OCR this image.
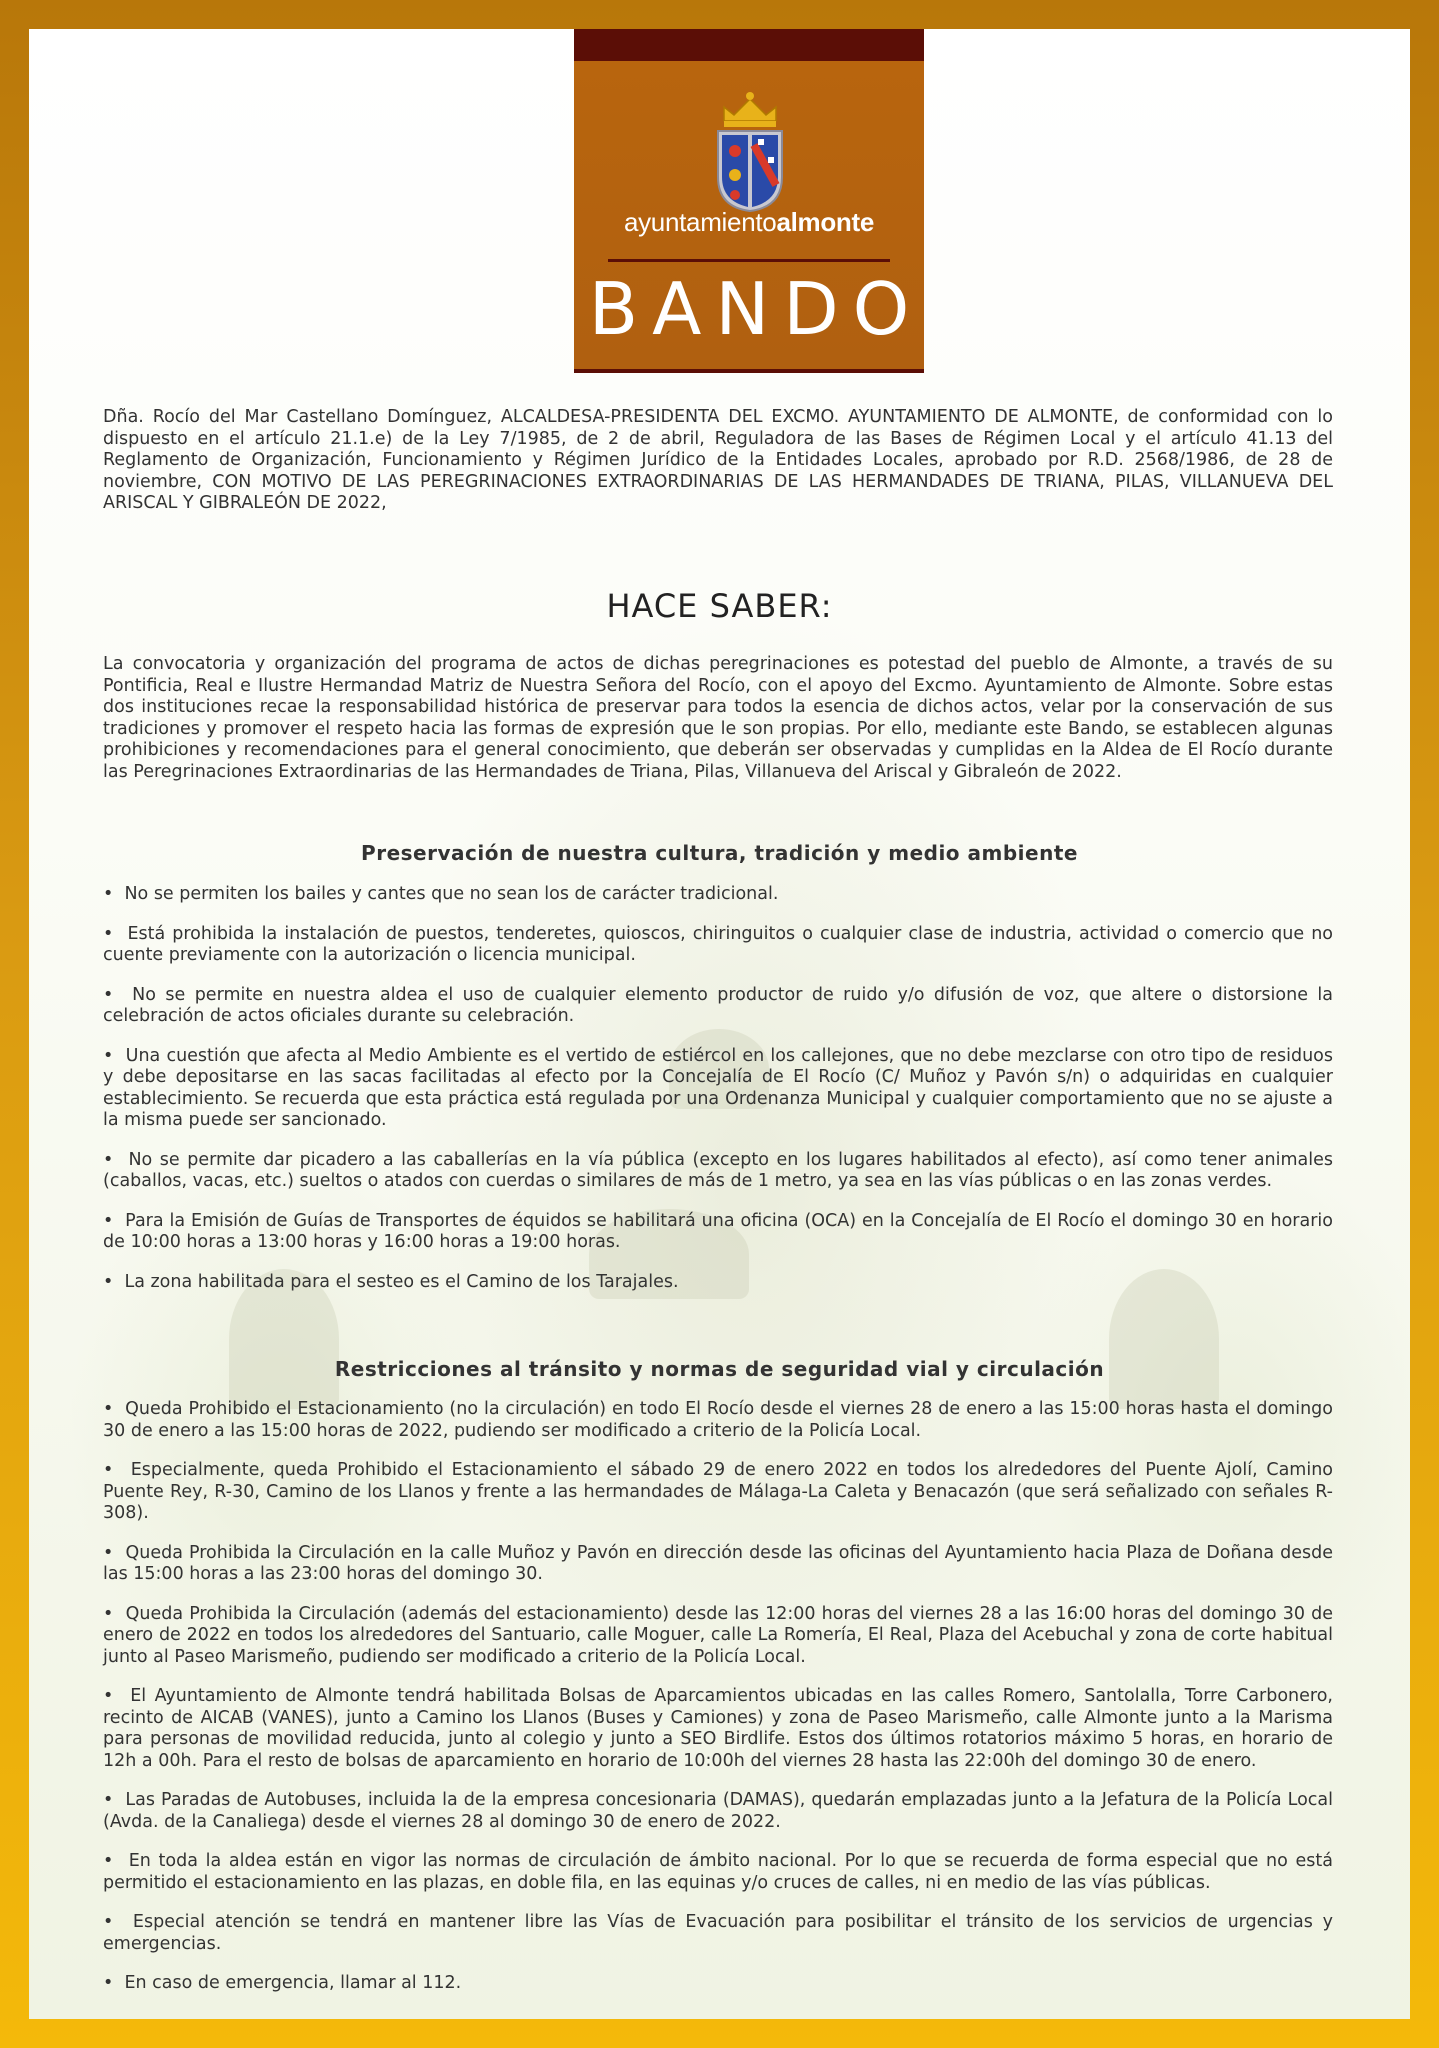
ayuntamientoalmonte
BANDO
Dña. Rocío del Mar Castellano Domínguez, ALCALDESA-PRESIDENTA DEL EXCMO. AYUNTAMIENTO DE ALMONTE, de conformidad con lo dispuesto en el artículo 21.1.e) de la Ley 7/1985, de 2 de abril, Reguladora de las Bases de Régimen Local y el artículo 41.13 del Reglamento de Organización, Funcionamiento y Régimen Jurídico de la Entidades Locales, aprobado por R.D. 2568/1986, de 28 de noviembre, CON MOTIVO DE LAS PEREGRINACIONES EXTRAORDINARIAS DE LAS HERMANDADES DE TRIANA, PILAS, VILLANUEVA DEL ARISCAL Y GIBRALEÓN DE 2022,
HACE SABER:
La convocatoria y organización del programa de actos de dichas peregrinaciones es potestad del pueblo de Almonte, a través de su Pontificia, Real e Ilustre Hermandad Matriz de Nuestra Señora del Rocío, con el apoyo del Excmo. Ayuntamiento de Almonte. Sobre estas dos instituciones recae la responsabilidad histórica de preservar para todos la esencia de dichos actos, velar por la conservación de sus tradiciones y promover el respeto hacia las formas de expresión que le son propias. Por ello, mediante este Bando, se establecen algunas prohibiciones y recomendaciones para el general conocimiento, que deberán ser observadas y cumplidas en la Aldea de El Rocío durante las Peregrinaciones Extraordinarias de las Hermandades de Triana, Pilas, Villanueva del Ariscal y Gibraleón de 2022.
Preservación de nuestra cultura, tradición y medio ambiente
•  No se permiten los bailes y cantes que no sean los de carácter tradicional.
•  Está prohibida la instalación de puestos, tenderetes, quioscos, chiringuitos o cualquier clase de industria, actividad o comercio que no cuente previamente con la autorización o licencia municipal.
•  No se permite en nuestra aldea el uso de cualquier elemento productor de ruido y/o difusión de voz, que altere o distorsione la celebración de actos oficiales durante su celebración.
•  Una cuestión que afecta al Medio Ambiente es el vertido de estiércol en los callejones, que no debe mezclarse con otro tipo de residuos y debe depositarse en las sacas facilitadas al efecto por la Concejalía de El Rocío (C/ Muñoz y Pavón s/n) o adquiridas en cualquier establecimiento. Se recuerda que esta práctica está regulada por una Ordenanza Municipal y cualquier comportamiento que no se ajuste a la misma puede ser sancionado.
•  No se permite dar picadero a las caballerías en la vía pública (excepto en los lugares habilitados al efecto), así como tener animales (caballos, vacas, etc.) sueltos o atados con cuerdas o similares de más de 1 metro, ya sea en las vías públicas o en las zonas verdes.
•  Para la Emisión de Guías de Transportes de équidos se habilitará una oficina (OCA) en la Concejalía de El Rocío el domingo 30 en horario de 10:00 horas a 13:00 horas y 16:00 horas a 19:00 horas.
•  La zona habilitada para el sesteo es el Camino de los Tarajales.
Restricciones al tránsito y normas de seguridad vial y circulación
•  Queda Prohibido el Estacionamiento (no la circulación) en todo El Rocío desde el viernes 28 de enero a las 15:00 horas hasta el domingo 30 de enero a las 15:00 horas de 2022, pudiendo ser modificado a criterio de la Policía Local.
•  Especialmente, queda Prohibido el Estacionamiento el sábado 29 de enero 2022 en todos los alrededores del Puente Ajolí, Camino Puente Rey, R-30, Camino de los Llanos y frente a las hermandades de Málaga-La Caleta y Benacazón (que será señalizado con señales R-308).
•  Queda Prohibida la Circulación en la calle Muñoz y Pavón en dirección desde las oficinas del Ayuntamiento hacia Plaza de Doñana desde las 15:00 horas a las 23:00 horas del domingo 30.
•  Queda Prohibida la Circulación (además del estacionamiento) desde las 12:00 horas del viernes 28 a las 16:00 horas del domingo 30 de enero de 2022 en todos los alrededores del Santuario, calle Moguer, calle La Romería, El Real, Plaza del Acebuchal y zona de corte habitual junto al Paseo Marismeño, pudiendo ser modificado a criterio de la Policía Local.
•  El Ayuntamiento de Almonte tendrá habilitada Bolsas de Aparcamientos ubicadas en las calles Romero, Santolalla, Torre Carbonero, recinto de AICAB (VANES), junto a Camino los Llanos (Buses y Camiones) y zona de Paseo Marismeño, calle Almonte junto a la Marisma para personas de movilidad reducida, junto al colegio y junto a SEO Birdlife. Estos dos últimos rotatorios máximo 5 horas, en horario de 12h a 00h. Para el resto de bolsas de aparcamiento en horario de 10:00h del viernes 28 hasta las 22:00h del domingo 30 de enero.
•  Las Paradas de Autobuses, incluida la de la empresa concesionaria (DAMAS), quedarán emplazadas junto a la Jefatura de la Policía Local (Avda. de la Canaliega) desde el viernes 28 al domingo 30 de enero de 2022.
•  En toda la aldea están en vigor las normas de circulación de ámbito nacional. Por lo que se recuerda de forma especial que no está permitido el estacionamiento en las plazas, en doble fila, en las equinas y/o cruces de calles, ni en medio de las vías públicas.
•  Especial atención se tendrá en mantener libre las Vías de Evacuación para posibilitar el tránsito de los servicios de urgencias y emergencias.
•  En caso de emergencia, llamar al 112.
